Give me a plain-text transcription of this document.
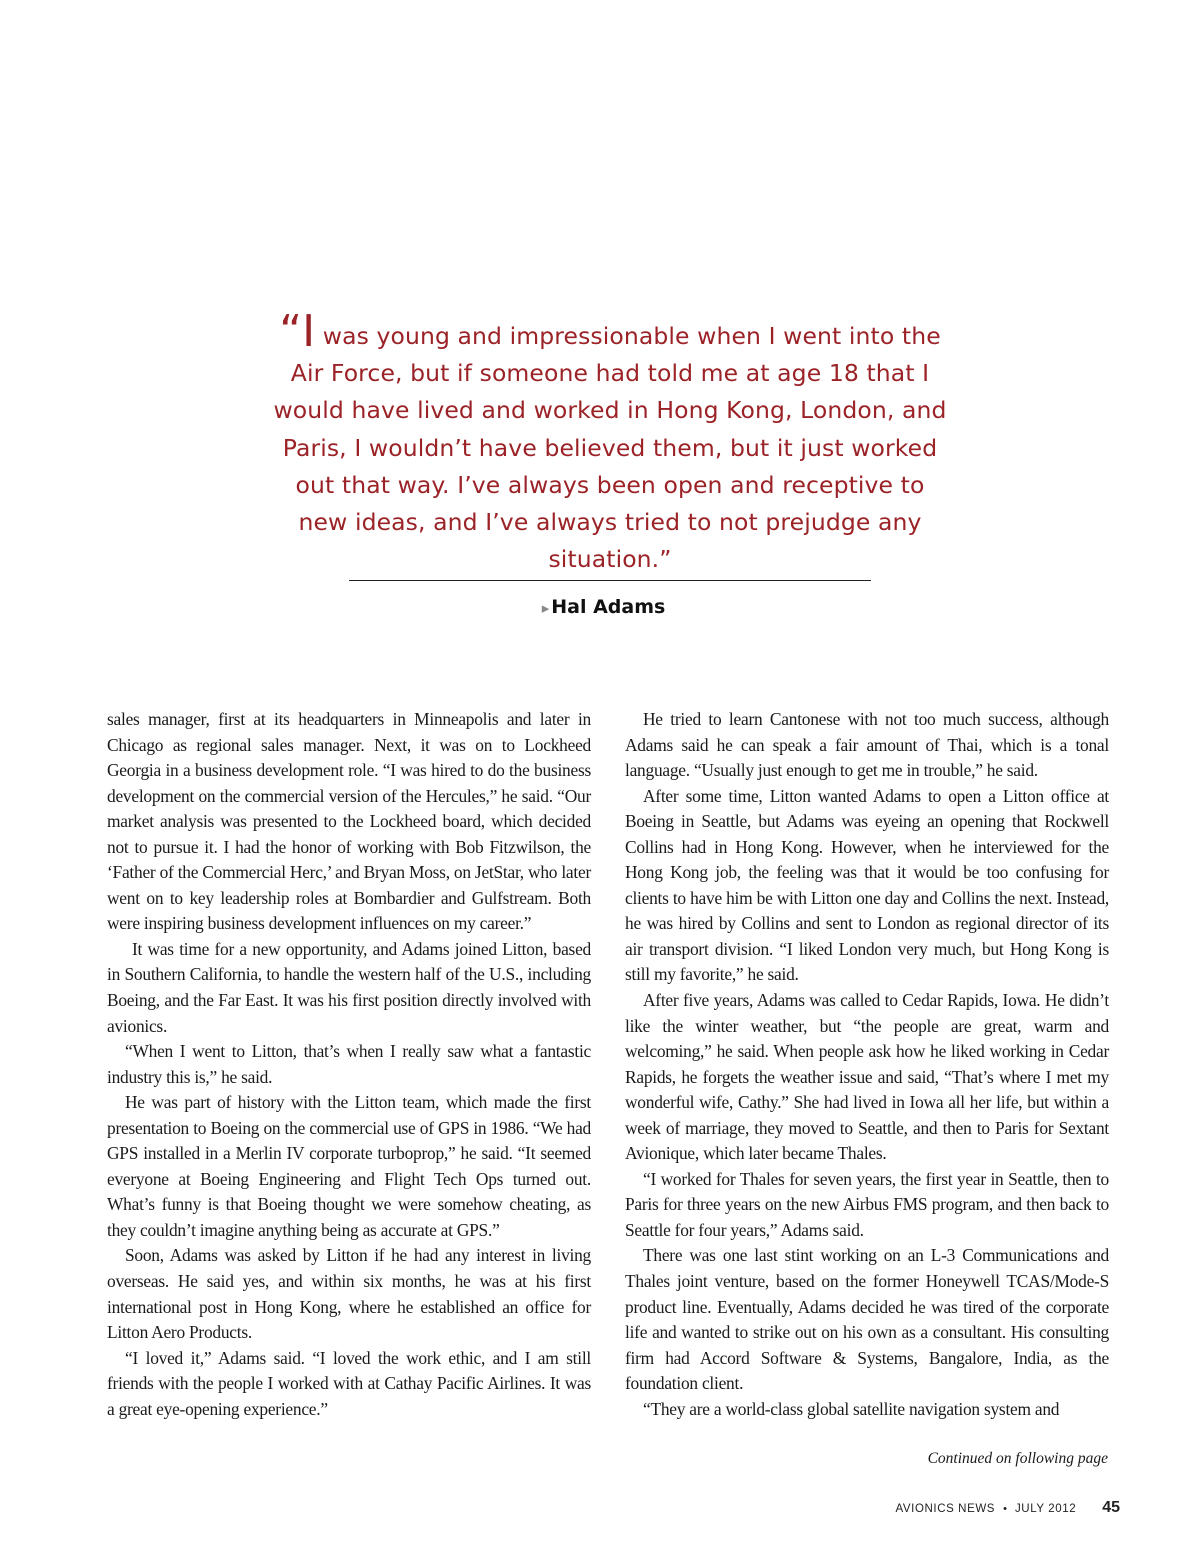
“I was young and impressionable when I went into the Air Force, but if someone had told me at age 18 that I would have lived and worked in Hong Kong, London, and Paris, I wouldn’t have believed them, but it just worked out that way. I’ve always been open and receptive to new ideas, and I’ve always tried to not prejudge any situation.”
▸ Hal Adams

sales manager, first at its headquarters in Minneapolis and later in Chicago as regional sales manager. Next, it was on to Lockheed Georgia in a business development role. “I was hired to do the business development on the commercial version of the Hercules,” he said. “Our market analysis was presented to the Lockheed board, which decided not to pursue it. I had the honor of working with Bob Fitzwilson, the ‘Father of the Commercial Herc,’ and Bryan Moss, on JetStar, who later went on to key leadership roles at Bombardier and Gulfstream. Both were inspiring business development influences on my career.”

It was time for a new opportunity, and Adams joined Litton, based in Southern California, to handle the western half of the U.S., including Boeing, and the Far East. It was his first position directly involved with avionics.

“When I went to Litton, that’s when I really saw what a fantastic industry this is,” he said.

He was part of history with the Litton team, which made the first presentation to Boeing on the commercial use of GPS in 1986. “We had GPS installed in a Merlin IV corporate turboprop,” he said. “It seemed everyone at Boeing Engineering and Flight Tech Ops turned out. What’s funny is that Boeing thought we were somehow cheating, as they couldn’t imagine anything being as accurate at GPS.”

Soon, Adams was asked by Litton if he had any interest in living overseas. He said yes, and within six months, he was at his first international post in Hong Kong, where he established an office for Litton Aero Products.

“I loved it,” Adams said. “I loved the work ethic, and I am still friends with the people I worked with at Cathay Pacific Airlines. It was a great eye-opening experience.”

He tried to learn Cantonese with not too much success, although Adams said he can speak a fair amount of Thai, which is a tonal language. “Usually just enough to get me in trouble,” he said.

After some time, Litton wanted Adams to open a Litton office at Boeing in Seattle, but Adams was eyeing an opening that Rockwell Collins had in Hong Kong. However, when he interviewed for the Hong Kong job, the feeling was that it would be too confusing for clients to have him be with Litton one day and Collins the next. Instead, he was hired by Collins and sent to London as regional director of its air transport division. “I liked London very much, but Hong Kong is still my favorite,” he said.

After five years, Adams was called to Cedar Rapids, Iowa. He didn’t like the winter weather, but “the people are great, warm and welcoming,” he said. When people ask how he liked working in Cedar Rapids, he forgets the weather issue and said, “That’s where I met my wonderful wife, Cathy.” She had lived in Iowa all her life, but within a week of marriage, they moved to Seattle, and then to Paris for Sextant Avionique, which later became Thales.

“I worked for Thales for seven years, the first year in Seattle, then to Paris for three years on the new Airbus FMS program, and then back to Seattle for four years,” Adams said.

There was one last stint working on an L-3 Communications and Thales joint venture, based on the former Honeywell TCAS/Mode-S product line. Eventually, Adams decided he was tired of the corporate life and wanted to strike out on his own as a consultant. His consulting firm had Accord Software & Systems, Bangalore, India, as the foundation client.

“They are a world-class global satellite navigation system and

Continued on following page
AVIONICS NEWS • JULY 2012 45
